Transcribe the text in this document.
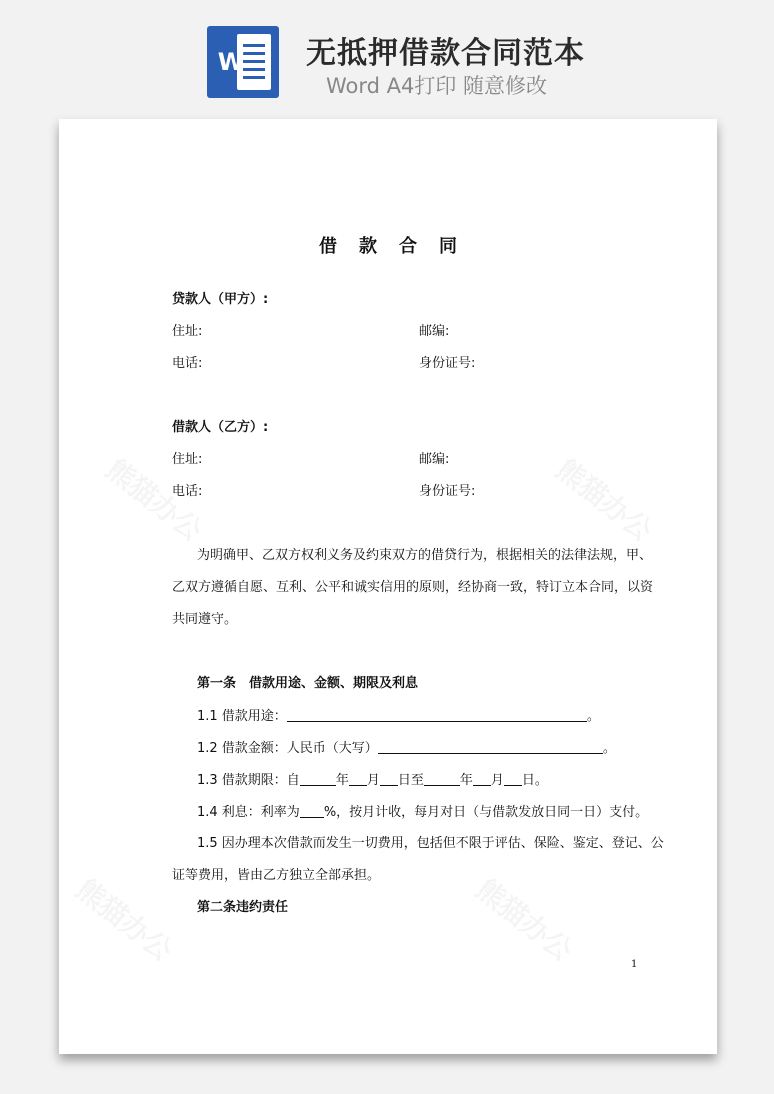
W 无抵押借款合同范本
Word A4打印 随意修改
借款合同
贷款人（甲方）:
住址:	邮编:
电话:	身份证号:
借款人（乙方）:
住址:	邮编:
电话:	身份证号:
为明确甲、乙双方权利义务及约束双方的借贷行为，根据相关的法律法规，甲、
乙双方遵循自愿、互利、公平和诚实信用的原则，经协商一致，特订立本合同，以资
共同遵守。
第一条　借款用途、金额、期限及利息
1.1 借款用途：	。
1.2 借款金额：人民币（大写）	。
1.3 借款期限：自	年 月 日至	年 月 日。
1.4 利息：利率为 %，按月计收，每月对日（与借款发放日同一日）支付。
1.5 因办理本次借款而发生一切费用，包括但不限于评估、保险、鉴定、登记、公
证等费用，皆由乙方独立全部承担。
第二条违约责任
1
